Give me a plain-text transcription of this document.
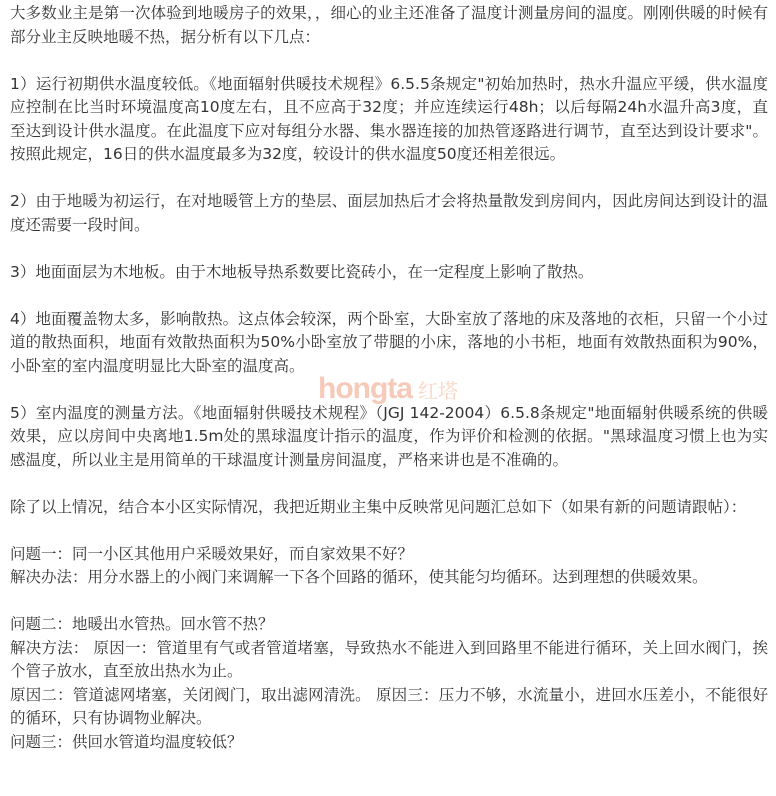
大多数业主是第一次体验到地暖房子的效果，，细心的业主还准备了温度计测量房间的温度。刚刚供暖的时候有部分业主反映地暖不热，据分析有以下几点：

1）运行初期供水温度较低。《地面辐射供暖技术规程》6.5.5条规定"初始加热时，热水升温应平缓，供水温度应控制在比当时环境温度高10度左右，且不应高于32度；并应连续运行48h；以后每隔24h水温升高3度，直至达到设计供水温度。在此温度下应对每组分水器、集水器连接的加热管逐路进行调节，直至达到设计要求"。按照此规定，16日的供水温度最多为32度，较设计的供水温度50度还相差很远。

2）由于地暖为初运行，在对地暖管上方的垫层、面层加热后才会将热量散发到房间内，因此房间达到设计的温度还需要一段时间。

3）地面面层为木地板。由于木地板导热系数要比瓷砖小，在一定程度上影响了散热。

4）地面覆盖物太多，影响散热。这点体会较深，两个卧室，大卧室放了落地的床及落地的衣柜，只留一个小过道的散热面积，地面有效散热面积为50%小卧室放了带腿的小床，落地的小书柜，地面有效散热面积为90%，小卧室的室内温度明显比大卧室的温度高。

5）室内温度的测量方法。《地面辐射供暖技术规程》（JGJ 142-2004）6.5.8条规定"地面辐射供暖系统的供暖效果，应以房间中央离地1.5m处的黑球温度计指示的温度，作为评价和检测的依据。"黑球温度习惯上也为实感温度，所以业主是用简单的干球温度计测量房间温度，严格来讲也是不准确的。

除了以上情况，结合本小区实际情况，我把近期业主集中反映常见问题汇总如下（如果有新的问题请跟帖）：

问题一：同一小区其他用户采暖效果好，而自家效果不好？

解决办法：用分水器上的小阀门来调解一下各个回路的循环，使其能匀均循环。达到理想的供暖效果。

问题二：地暖出水管热。回水管不热？

解决方法： 原因一：管道里有气或者管道堵塞，导致热水不能进入到回路里不能进行循环，关上回水阀门，挨个管子放水，直至放出热水为止。

原因二：管道滤网堵塞，关闭阀门，取出滤网清洗。 原因三：压力不够，水流量小，进回水压差小，不能很好的循环，只有协调物业解决。

问题三：供回水管道均温度较低？

hongta 红塔
